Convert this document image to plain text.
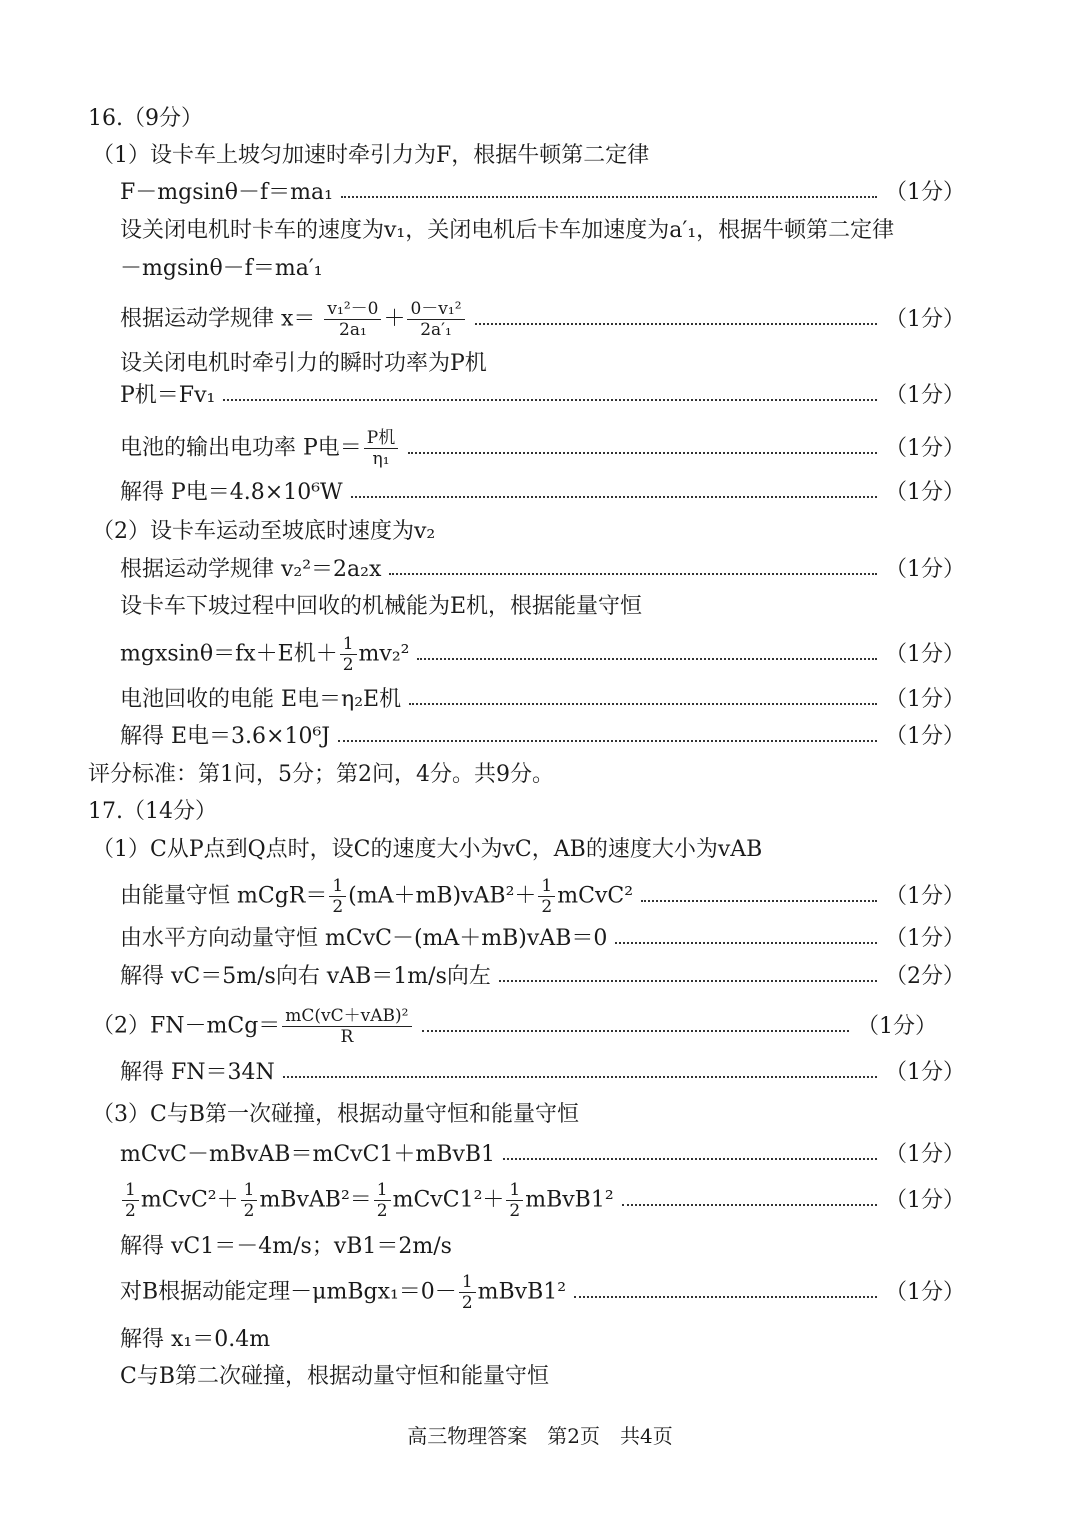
16.（9分）
（1）设卡车上坡匀加速时牵引力为F，根据牛顿第二定律
F－mgsinθ－f＝ma₁	（1分）
设关闭电机时卡车的速度为v₁，关闭电机后卡车加速度为a′₁，根据牛顿第二定律
－mgsinθ－f＝ma′₁
根据运动学规律 $x= \frac{\text{v₁²－0}}{\text{2a₁}} + \frac{\text{0－v₁²}}{\text{2a′₁}}$	（1分）
设关闭电机时牵引力的瞬时功率为P机
P机＝Fv₁	（1分）
电池的输出电功率 P电＝ P机
η₁	（1分）
解得 P电＝4.8×10⁶W	（1分）
（2）设卡车运动至坡底时速度为v₂
根据运动学规律 v₂²＝2a₂x	（1分）
设卡车下坡过程中回收的机械能为E机，根据能量守恒
mgxsinθ＝fx＋E机＋ $\frac{1}{2} mv_2^2$	（1分）
电池回收的电能 E电＝η₂E机	（1分）
解得 E电＝3.6×10⁶J	（1分）
评分标准：第1问，5分；第2问，4分。共9分。
17.（14分）
（1）C从P点到Q点时，设C的速度大小为vC，AB的速度大小为vAB
由能量守恒 mCgR＝ $\frac{1}{2} (mA+mB)vAB^2+ \frac{1}{2}$ mCvC²	（1分）
由水平方向动量守恒 mCvC－(mA＋mB)vAB＝0	（1分）
解得 vC＝5m/s向右 vAB＝1m/s向左	（2分）
（2）FN－mCg＝ mC(vC＋vAB)²
R	（1分）
解得 FN＝34N	（1分）
（3）C与B第一次碰撞，根据动量守恒和能量守恒
mCvC－mBvAB＝mCvC1＋mBvB1	（1分）
$\frac{1}{2}$ mCvC²＋ $\frac{1}{2}$ mBvAB²＝ $\frac{1}{2}$ mCvC1²＋ $\frac{1}{2}$ mBvB1²	（1分）
解得 vC1＝－4m/s；vB1＝2m/s
对B根据动能定理－μmBgx₁＝0－ $\frac{1}{2}$ mBvB1²	（1分）
解得 x₁＝0.4m
C与B第二次碰撞，根据动量守恒和能量守恒
高三物理答案　第2页　共4页
